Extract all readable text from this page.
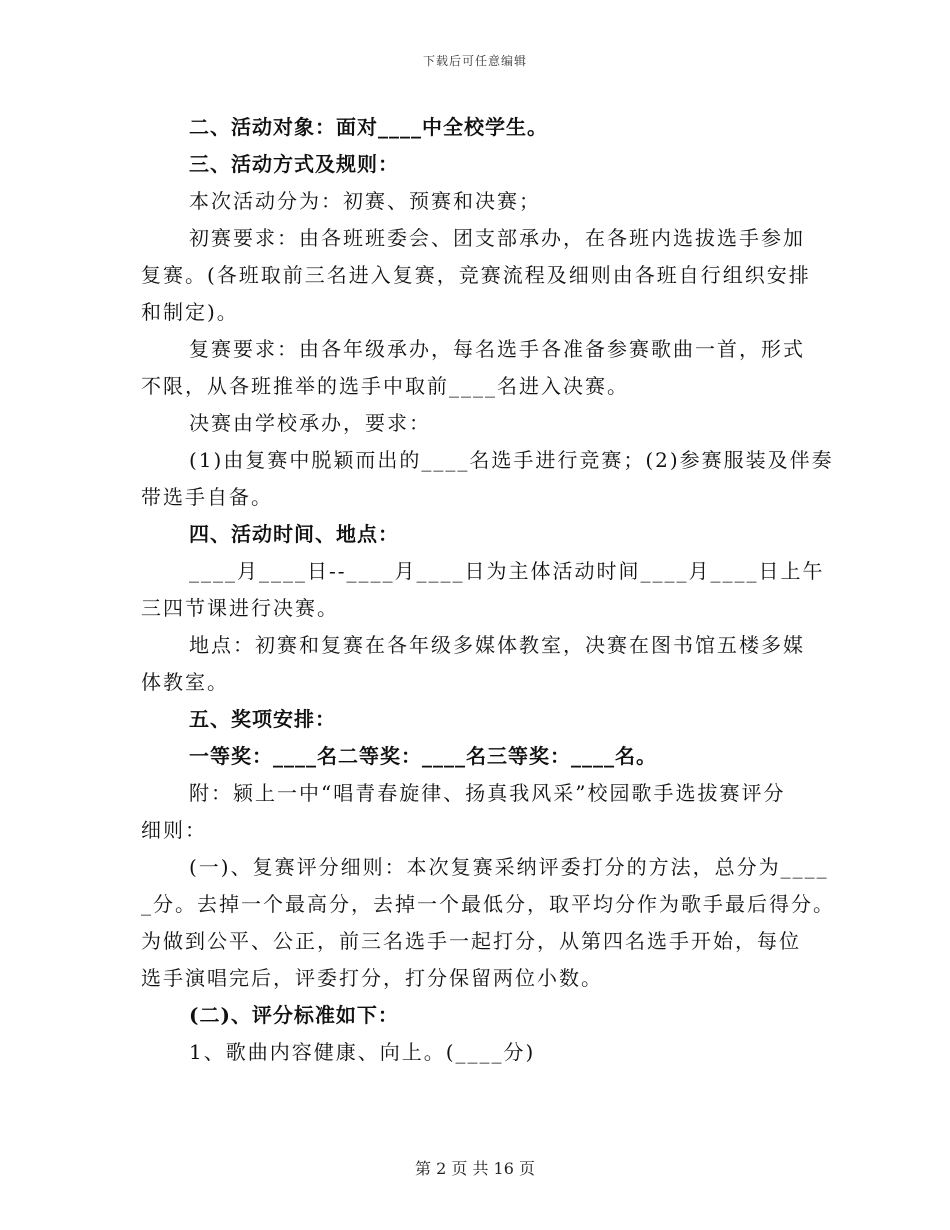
下载后可任意编辑
二、活动对象：面对____中全校学生。
三、活动方式及规则：
本次活动分为：初赛、预赛和决赛；
初赛要求：由各班班委会、团支部承办，在各班内选拔选手参加
复赛。(各班取前三名进入复赛，竞赛流程及细则由各班自行组织安排
和制定)。
复赛要求：由各年级承办，每名选手各准备参赛歌曲一首，形式
不限，从各班推举的选手中取前____名进入决赛。
决赛由学校承办，要求：
(1)由复赛中脱颖而出的____名选手进行竞赛；(2)参赛服装及伴奏
带选手自备。
四、活动时间、地点：
____月____日--____月____日为主体活动时间____月____日上午
三四节课进行决赛。
地点：初赛和复赛在各年级多媒体教室，决赛在图书馆五楼多媒
体教室。
五、奖项安排：
一等奖：____名二等奖：____名三等奖：____名。
附：颍上一中“唱青春旋律、扬真我风采”校园歌手选拔赛评分
细则：
(一)、复赛评分细则：本次复赛采纳评委打分的方法，总分为____
_分。去掉一个最高分，去掉一个最低分，取平均分作为歌手最后得分。
为做到公平、公正，前三名选手一起打分，从第四名选手开始，每位
选手演唱完后，评委打分，打分保留两位小数。
(二)、评分标准如下：
1、歌曲内容健康、向上。(____分)
第 2 页 共 16 页
